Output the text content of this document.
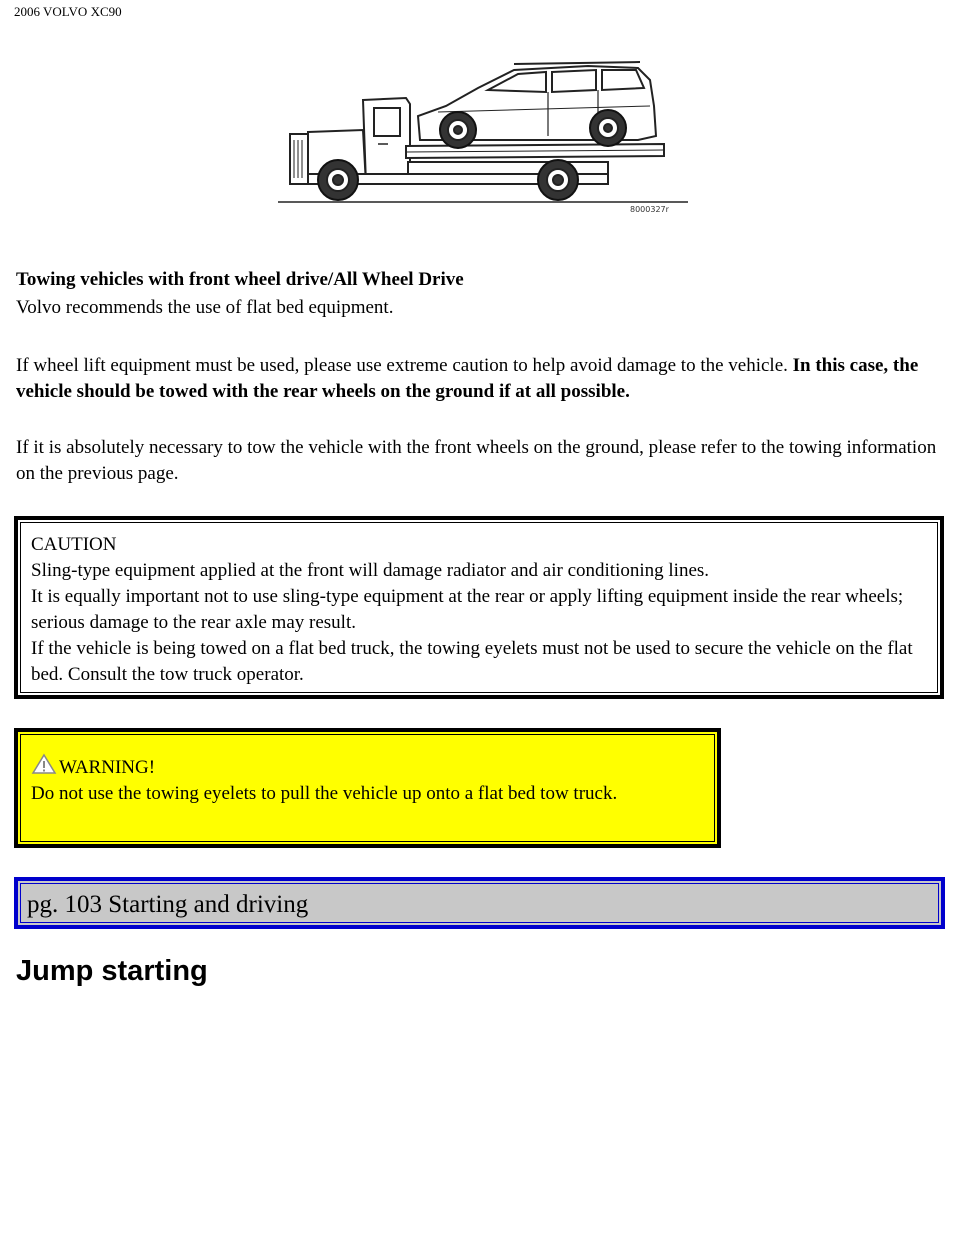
2006 VOLVO XC90
8000327r
Towing vehicles with front wheel drive/All Wheel Drive
Volvo recommends the use of flat bed equipment.
If wheel lift equipment must be used, please use extreme caution to help avoid damage to the vehicle. In this case, the vehicle should be towed with the rear wheels on the ground if at all possible.
If it is absolutely necessary to tow the vehicle with the front wheels on the ground, please refer to the towing information on the previous page.
CAUTION
Sling-type equipment applied at the front will damage radiator and air conditioning lines.
It is equally important not to use sling-type equipment at the rear or apply lifting equipment inside the rear wheels; serious damage to the rear axle may result.
If the vehicle is being towed on a flat bed truck, the towing eyelets must not be used to secure the vehicle on the flat bed. Consult the tow truck operator.
WARNING!
Do not use the towing eyelets to pull the vehicle up onto a flat bed tow truck.
pg. 103 Starting and driving
Jump starting
